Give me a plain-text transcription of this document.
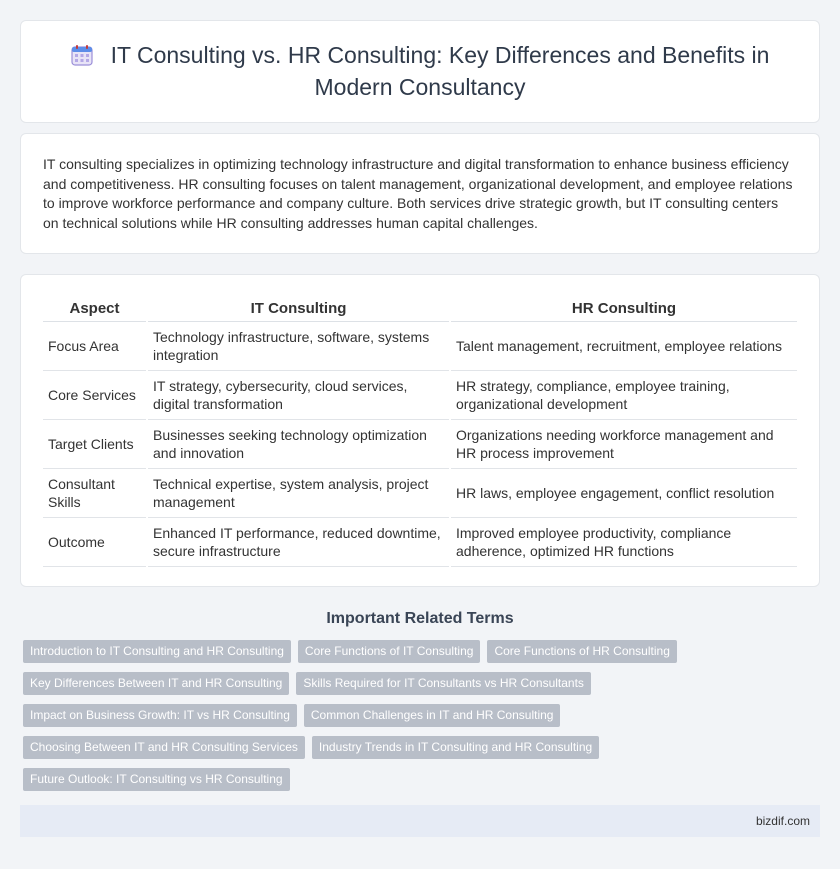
IT Consulting vs. HR Consulting: Key Differences and Benefits in Modern Consultancy

IT consulting specializes in optimizing technology infrastructure and digital transformation to enhance business efficiency and competitiveness. HR consulting focuses on talent management, organizational development, and employee relations to improve workforce performance and company culture. Both services drive strategic growth, but IT consulting centers on technical solutions while HR consulting addresses human capital challenges.

Aspect	IT Consulting	HR Consulting
Focus Area	Technology infrastructure, software, systems integration	Talent management, recruitment, employee relations
Core Services	IT strategy, cybersecurity, cloud services, digital transformation	HR strategy, compliance, employee training, organizational development
Target Clients	Businesses seeking technology optimization and innovation	Organizations needing workforce management and HR process improvement
Consultant Skills	Technical expertise, system analysis, project management	HR laws, employee engagement, conflict resolution
Outcome	Enhanced IT performance, reduced downtime, secure infrastructure	Improved employee productivity, compliance adherence, optimized HR functions
Important Related Terms
Introduction to IT Consulting and HR Consulting	Core Functions of IT Consulting	Core Functions of HR Consulting
Key Differences Between IT and HR Consulting	Skills Required for IT Consultants vs HR Consultants
Impact on Business Growth: IT vs HR Consulting	Common Challenges in IT and HR Consulting
Choosing Between IT and HR Consulting Services	Industry Trends in IT Consulting and HR Consulting
Future Outlook: IT Consulting vs HR Consulting
bizdif.com
